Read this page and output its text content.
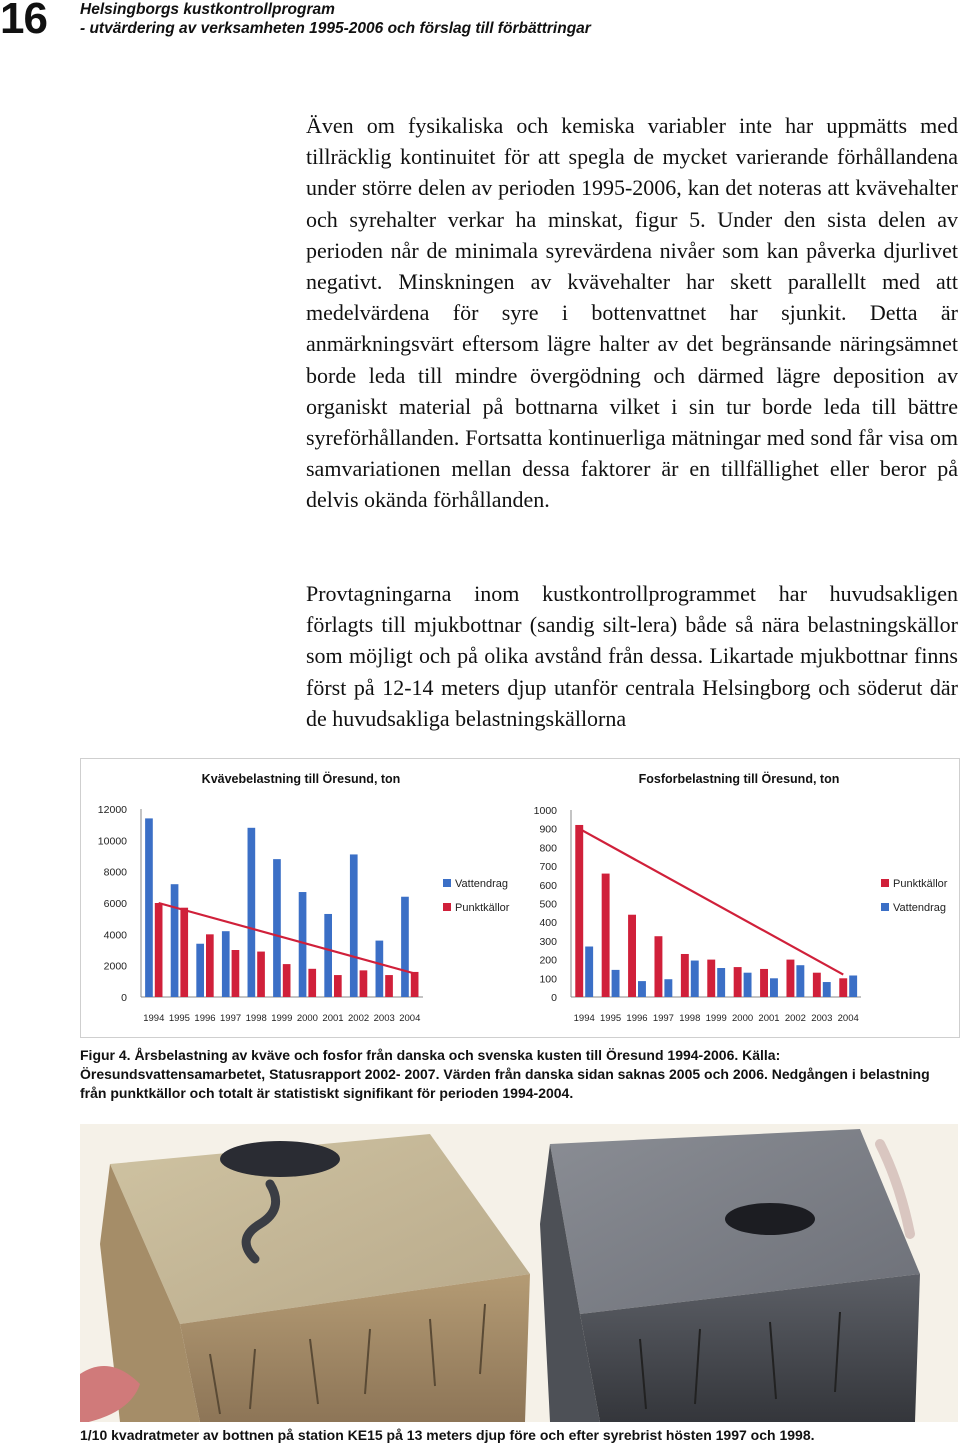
16 Helsingborgs kustkontrollprogram
- utvärdering av verksamheten 1995-2006 och förslag till förbättringar

Även om fysikaliska och kemiska variabler inte har uppmätts med tillräcklig kontinuitet för att spegla de mycket varierande förhållandena under större delen av perioden 1995-2006, kan det noteras att kvävehalter och syrehalter verkar ha minskat, figur 5. Under den sista delen av perioden når de minimala syrevärdena nivåer som kan påverka djurlivet negativt. Minskningen av kvävehalter har skett parallellt med att medelvärdena för syre i bottenvattnet har sjunkit. Detta är anmärkningsvärt eftersom lägre halter av det begränsande näringsämnet borde leda till mindre övergödning och därmed lägre deposition av organiskt material på bottnarna vilket i sin tur borde leda till bättre syreförhållanden. Fortsatta kontinuerliga mätningar med sond får visa om samvariationen mellan dessa faktorer är en tillfällighet eller beror på delvis okända förhållanden.

Provtagningarna inom kustkontrollprogrammet har huvudsakligen förlagts till mjukbottnar (sandig silt-lera) både så nära belastningskällor som möjligt och på olika avstånd från dessa. Likartade mjukbottnar finns först på 12-14 meters djup utanför centrala Helsingborg och söderut där de huvudsakliga belastningskällorna

Kvävebelastning till Öresund, ton
0
2000
4000
6000
8000
10000
12000
1994 1995 1996 1997 1998 1999 2000 2001 2002 2003 2004
Vattendrag
Punktkällor
Fosforbelastning till Öresund, ton
0
100
200
300
400
500
600
700
800
900
1000
1994 1995 1996 1997 1998 1999 2000 2001 2002 2003 2004
Punktkällor
Vattendrag
Figur 4. Årsbelastning av kväve och fosfor från danska och svenska kusten till Öresund 1994-2006. Källa: Öresundsvattensamarbetet, Statusrapport 2002- 2007. Värden från danska sidan saknas 2005 och 2006. Nedgången i belastning från punktkällor och totalt är statistiskt signifikant för perioden 1994-2004.
1/10 kvadratmeter av bottnen på station KE15 på 13 meters djup före och efter syrebrist hösten 1997 och 1998.
